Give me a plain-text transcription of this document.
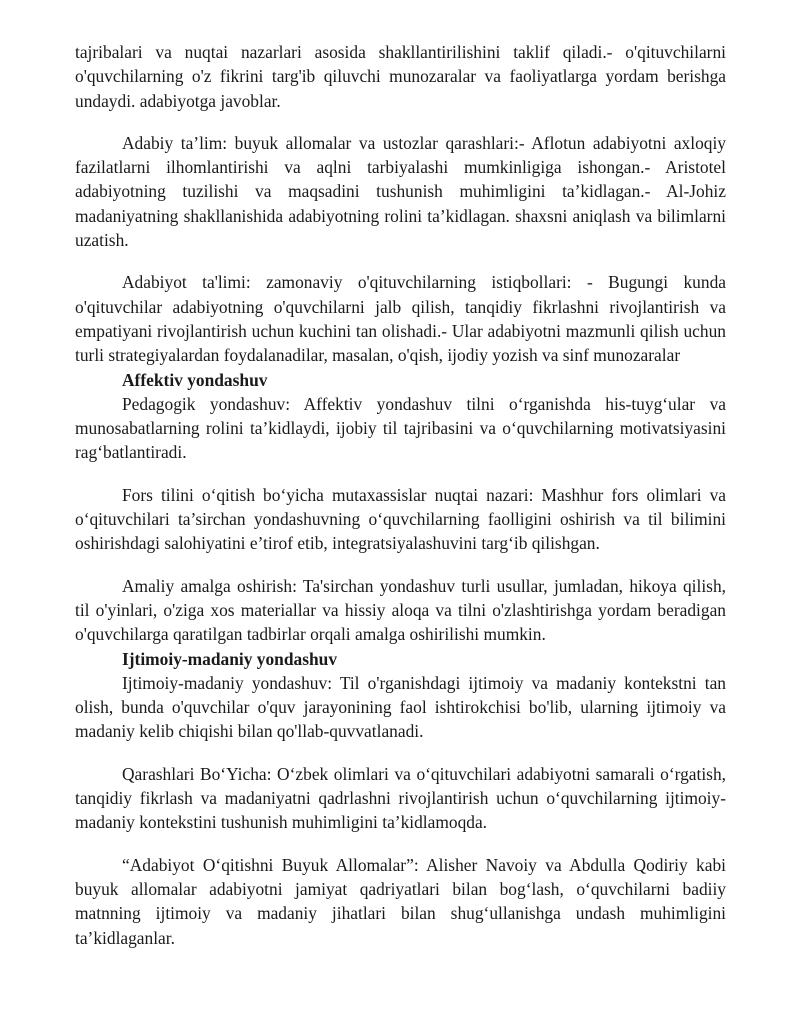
tajribalari va nuqtai nazarlari asosida shakllantirilishini taklif qiladi.- o'qituvchilarni o'quvchilarning o'z fikrini targ'ib qiluvchi munozaralar va faoliyatlarga yordam berishga undaydi. adabiyotga javoblar.

Adabiy ta’lim: buyuk allomalar va ustozlar qarashlari:- Aflotun adabiyotni axloqiy fazilatlarni ilhomlantirishi va aqlni tarbiyalashi mumkinligiga ishongan.- Aristotel adabiyotning tuzilishi va maqsadini tushunish muhimligini ta’kidlagan.- Al-Johiz madaniyatning shakllanishida adabiyotning rolini ta’kidlagan. shaxsni aniqlash va bilimlarni uzatish.

Adabiyot ta'limi: zamonaviy o'qituvchilarning istiqbollari: - Bugungi kunda o'qituvchilar adabiyotning o'quvchilarni jalb qilish, tanqidiy fikrlashni rivojlantirish va empatiyani rivojlantirish uchun kuchini tan olishadi.- Ular adabiyotni mazmunli qilish uchun turli strategiyalardan foydalanadilar, masalan, o'qish, ijodiy yozish va sinf munozaralar

Affektiv yondashuv

Pedagogik yondashuv: Affektiv yondashuv tilni o‘rganishda his-tuyg‘ular va munosabatlarning rolini ta’kidlaydi, ijobiy til tajribasini va o‘quvchilarning motivatsiyasini rag‘batlantiradi.

Fors tilini o‘qitish bo‘yicha mutaxassislar nuqtai nazari: Mashhur fors olimlari va o‘qituvchilari ta’sirchan yondashuvning o‘quvchilarning faolligini oshirish va til bilimini oshirishdagi salohiyatini e’tirof etib, integratsiyalashuvini targ‘ib qilishgan.

Amaliy amalga oshirish: Ta'sirchan yondashuv turli usullar, jumladan, hikoya qilish, til o'yinlari, o'ziga xos materiallar va hissiy aloqa va tilni o'zlashtirishga yordam beradigan o'quvchilarga qaratilgan tadbirlar orqali amalga oshirilishi mumkin.

Ijtimoiy-madaniy yondashuv

Ijtimoiy-madaniy yondashuv: Til o'rganishdagi ijtimoiy va madaniy kontekstni tan olish, bunda o'quvchilar o'quv jarayonining faol ishtirokchisi bo'lib, ularning ijtimoiy va madaniy kelib chiqishi bilan qo'llab-quvvatlanadi.

Qarashlari Bo‘Yicha: O‘zbek olimlari va o‘qituvchilari adabiyotni samarali o‘rgatish, tanqidiy fikrlash va madaniyatni qadrlashni rivojlantirish uchun o‘quvchilarning ijtimoiy-madaniy kontekstini tushunish muhimligini ta’kidlamoqda.

“Adabiyot O‘qitishni Buyuk Allomalar”: Alisher Navoiy va Abdulla Qodiriy kabi buyuk allomalar adabiyotni jamiyat qadriyatlari bilan bog‘lash, o‘quvchilarni badiiy matnning ijtimoiy va madaniy jihatlari bilan shug‘ullanishga undash muhimligini ta’kidlaganlar.
